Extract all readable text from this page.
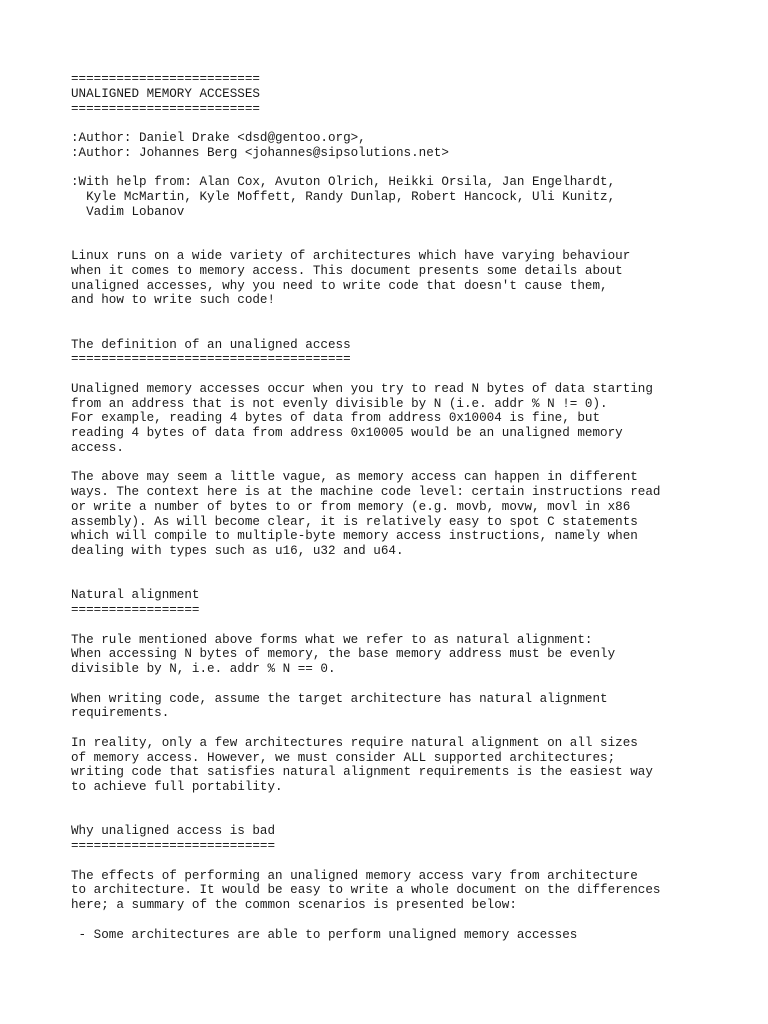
=========================
UNALIGNED MEMORY ACCESSES
=========================
:Author: Daniel Drake <dsd@gentoo.org>,
:Author: Johannes Berg <johannes@sipsolutions.net>
:With help from: Alan Cox, Avuton Olrich, Heikki Orsila, Jan Engelhardt,
Kyle McMartin, Kyle Moffett, Randy Dunlap, Robert Hancock, Uli Kunitz,
Vadim Lobanov
Linux runs on a wide variety of architectures which have varying behaviour
when it comes to memory access. This document presents some details about
unaligned accesses, why you need to write code that doesn't cause them,
and how to write such code!
The definition of an unaligned access
=====================================
Unaligned memory accesses occur when you try to read N bytes of data starting
from an address that is not evenly divisible by N (i.e. addr % N != 0).
For example, reading 4 bytes of data from address 0x10004 is fine, but
reading 4 bytes of data from address 0x10005 would be an unaligned memory
access.
The above may seem a little vague, as memory access can happen in different
ways. The context here is at the machine code level: certain instructions read
or write a number of bytes to or from memory (e.g. movb, movw, movl in x86
assembly). As will become clear, it is relatively easy to spot C statements
which will compile to multiple-byte memory access instructions, namely when
dealing with types such as u16, u32 and u64.
Natural alignment
=================
The rule mentioned above forms what we refer to as natural alignment:
When accessing N bytes of memory, the base memory address must be evenly
divisible by N, i.e. addr % N == 0.
When writing code, assume the target architecture has natural alignment
requirements.
In reality, only a few architectures require natural alignment on all sizes
of memory access. However, we must consider ALL supported architectures;
writing code that satisfies natural alignment requirements is the easiest way
to achieve full portability.
Why unaligned access is bad
===========================
The effects of performing an unaligned memory access vary from architecture
to architecture. It would be easy to write a whole document on the differences
here; a summary of the common scenarios is presented below:
- Some architectures are able to perform unaligned memory accesses
